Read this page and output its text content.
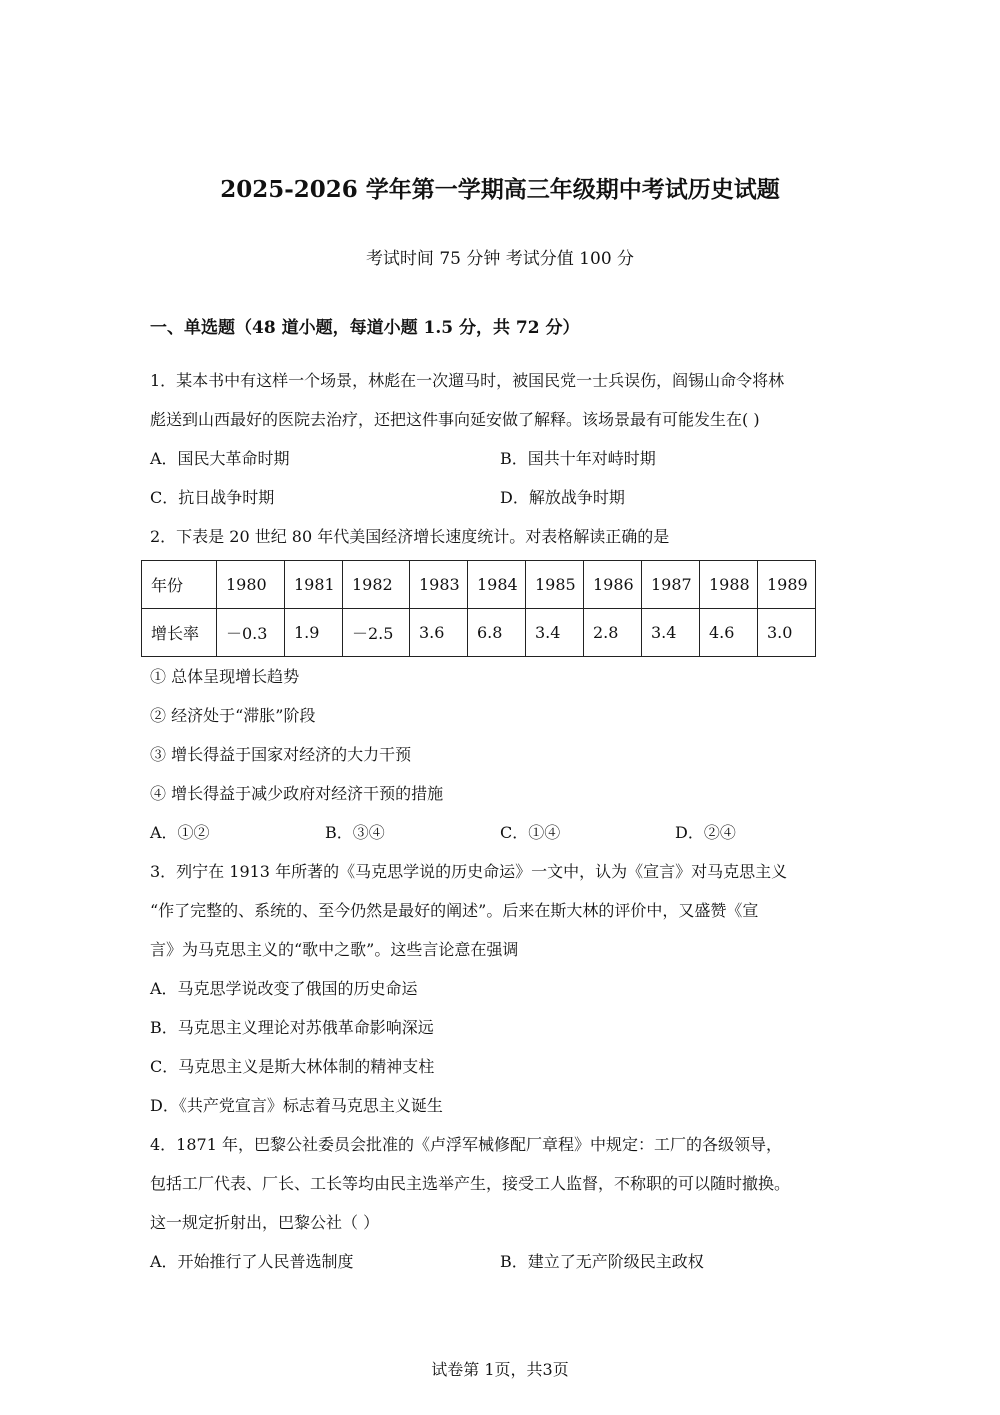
2025-2026 学年第一学期高三年级期中考试历史试题
考试时间 75 分钟 考试分值 100 分
一、单选题（48 道小题，每道小题 1.5 分，共 72 分）
1．某本书中有这样一个场景，林彪在一次遛马时，被国民党一士兵误伤，阎锡山命令将林
彪送到山西最好的医院去治疗，还把这件事向延安做了解释。该场景最有可能发生在( )
A．国民大革命时期	B．国共十年对峙时期
C．抗日战争时期	D．解放战争时期
2．下表是 20 世纪 80 年代美国经济增长速度统计。对表格解读正确的是
年份	1980	1981	1982	1983	1984	1985	1986	1987	1988	1989
增长率	－0.3	1.9	－2.5	3.6	6.8	3.4	2.8	3.4	4.6	3.0
① 总体呈现增长趋势
② 经济处于“滞胀”阶段
③ 增长得益于国家对经济的大力干预
④ 增长得益于减少政府对经济干预的措施
A．①②	B．③④	C．①④	D．②④
3．列宁在 1913 年所著的《马克思学说的历史命运》一文中，认为《宣言》对马克思主义
“作了完整的、系统的、至今仍然是最好的阐述”。后来在斯大林的评价中，又盛赞《宣
言》为马克思主义的“歌中之歌”。这些言论意在强调
A．马克思学说改变了俄国的历史命运
B．马克思主义理论对苏俄革命影响深远
C．马克思主义是斯大林体制的精神支柱
D．《共产党宣言》标志着马克思主义诞生
4．1871 年，巴黎公社委员会批准的《卢浮军械修配厂章程》中规定：工厂的各级领导，
包括工厂代表、厂长、工长等均由民主选举产生，接受工人监督，不称职的可以随时撤换。
这一规定折射出，巴黎公社（ ）
A．开始推行了人民普选制度	B．建立了无产阶级民主政权
试卷第 1页，共3页
